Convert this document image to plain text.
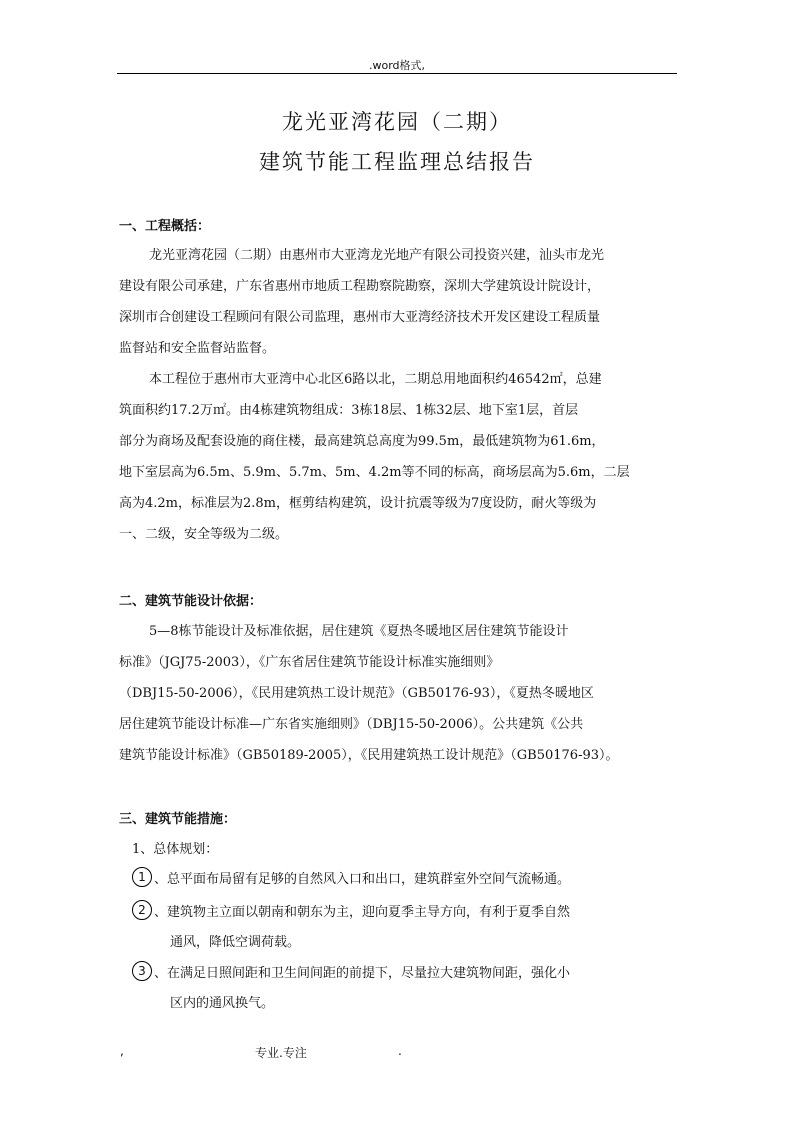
.word格式,
龙光亚湾花园（二期）
建筑节能工程监理总结报告
一、工程概括：
龙光亚湾花园（二期）由惠州市大亚湾龙光地产有限公司投资兴建，汕头市龙光
建设有限公司承建，广东省惠州市地质工程勘察院勘察，深圳大学建筑设计院设计，
深圳市合创建设工程顾问有限公司监理，惠州市大亚湾经济技术开发区建设工程质量
监督站和安全监督站监督。
本工程位于惠州市大亚湾中心北区6路以北，二期总用地面积约46542㎡，总建
筑面积约17.2万㎡。由4栋建筑物组成：3栋18层、1栋32层、地下室1层，首层
部分为商场及配套设施的商住楼，最高建筑总高度为99.5m，最低建筑物为61.6m，
地下室层高为6.5m、5.9m、5.7m、5m、4.2m等不同的标高，商场层高为5.6m，二层
高为4.2m，标准层为2.8m，框剪结构建筑，设计抗震等级为7度设防，耐火等级为
一、二级，安全等级为二级。
二、建筑节能设计依据：
5—8栋节能设计及标准依据，居住建筑《夏热冬暖地区居住建筑节能设计
标准》（JGJ75-2003），《广东省居住建筑节能设计标准实施细则》
（DBJ15-50-2006），《民用建筑热工设计规范》（GB50176-93），《夏热冬暖地区
居住建筑节能设计标准—广东省实施细则》（DBJ15-50-2006）。公共建筑《公共
建筑节能设计标准》（GB50189-2005），《民用建筑热工设计规范》（GB50176-93）。
三、建筑节能措施：
1、总体规划：
1 、总平面布局留有足够的自然风入口和出口，建筑群室外空间气流畅通。
2 、建筑物主立面以朝南和朝东为主，迎向夏季主导方向，有利于夏季自然
通风，降低空调荷载。
3 、在满足日照间距和卫生间间距的前提下，尽量拉大建筑物间距，强化小
区内的通风换气。
,	专业.专注	.
